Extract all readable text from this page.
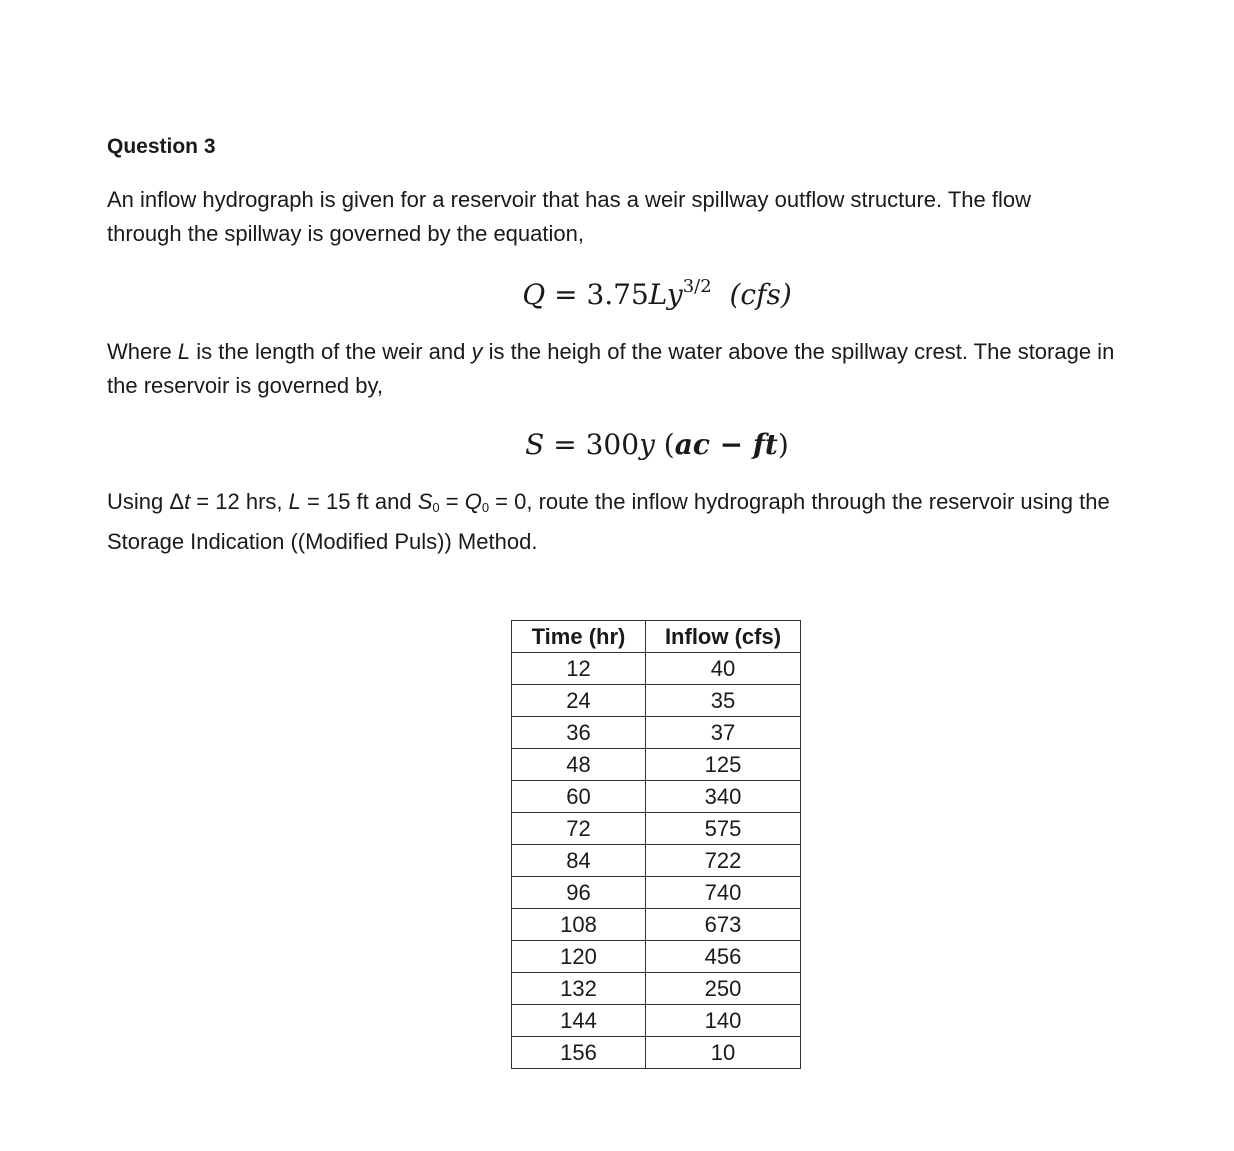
Question 3

An inflow hydrograph is given for a reservoir that has a weir spillway outflow structure. The flow
through the spillway is governed by the equation,

$Q = 3.75Ly^{3/2}$ (cfs)

Where L is the length of the weir and y is the heigh of the water above the spillway crest. The storage in
the reservoir is governed by,

S = 300y (ac − ft)

Using Δt = 12 hrs, L = 15 ft and $S_0 = Q_0 = 0$, route the inflow hydrograph through the reservoir using the
Storage Indication ((Modified Puls)) Method.

Time (hr)	Inflow (cfs)
12	40
24	35
36	37
48	125
60	340
72	575
84	722
96	740
108	673
120	456
132	250
144	140
156	10
